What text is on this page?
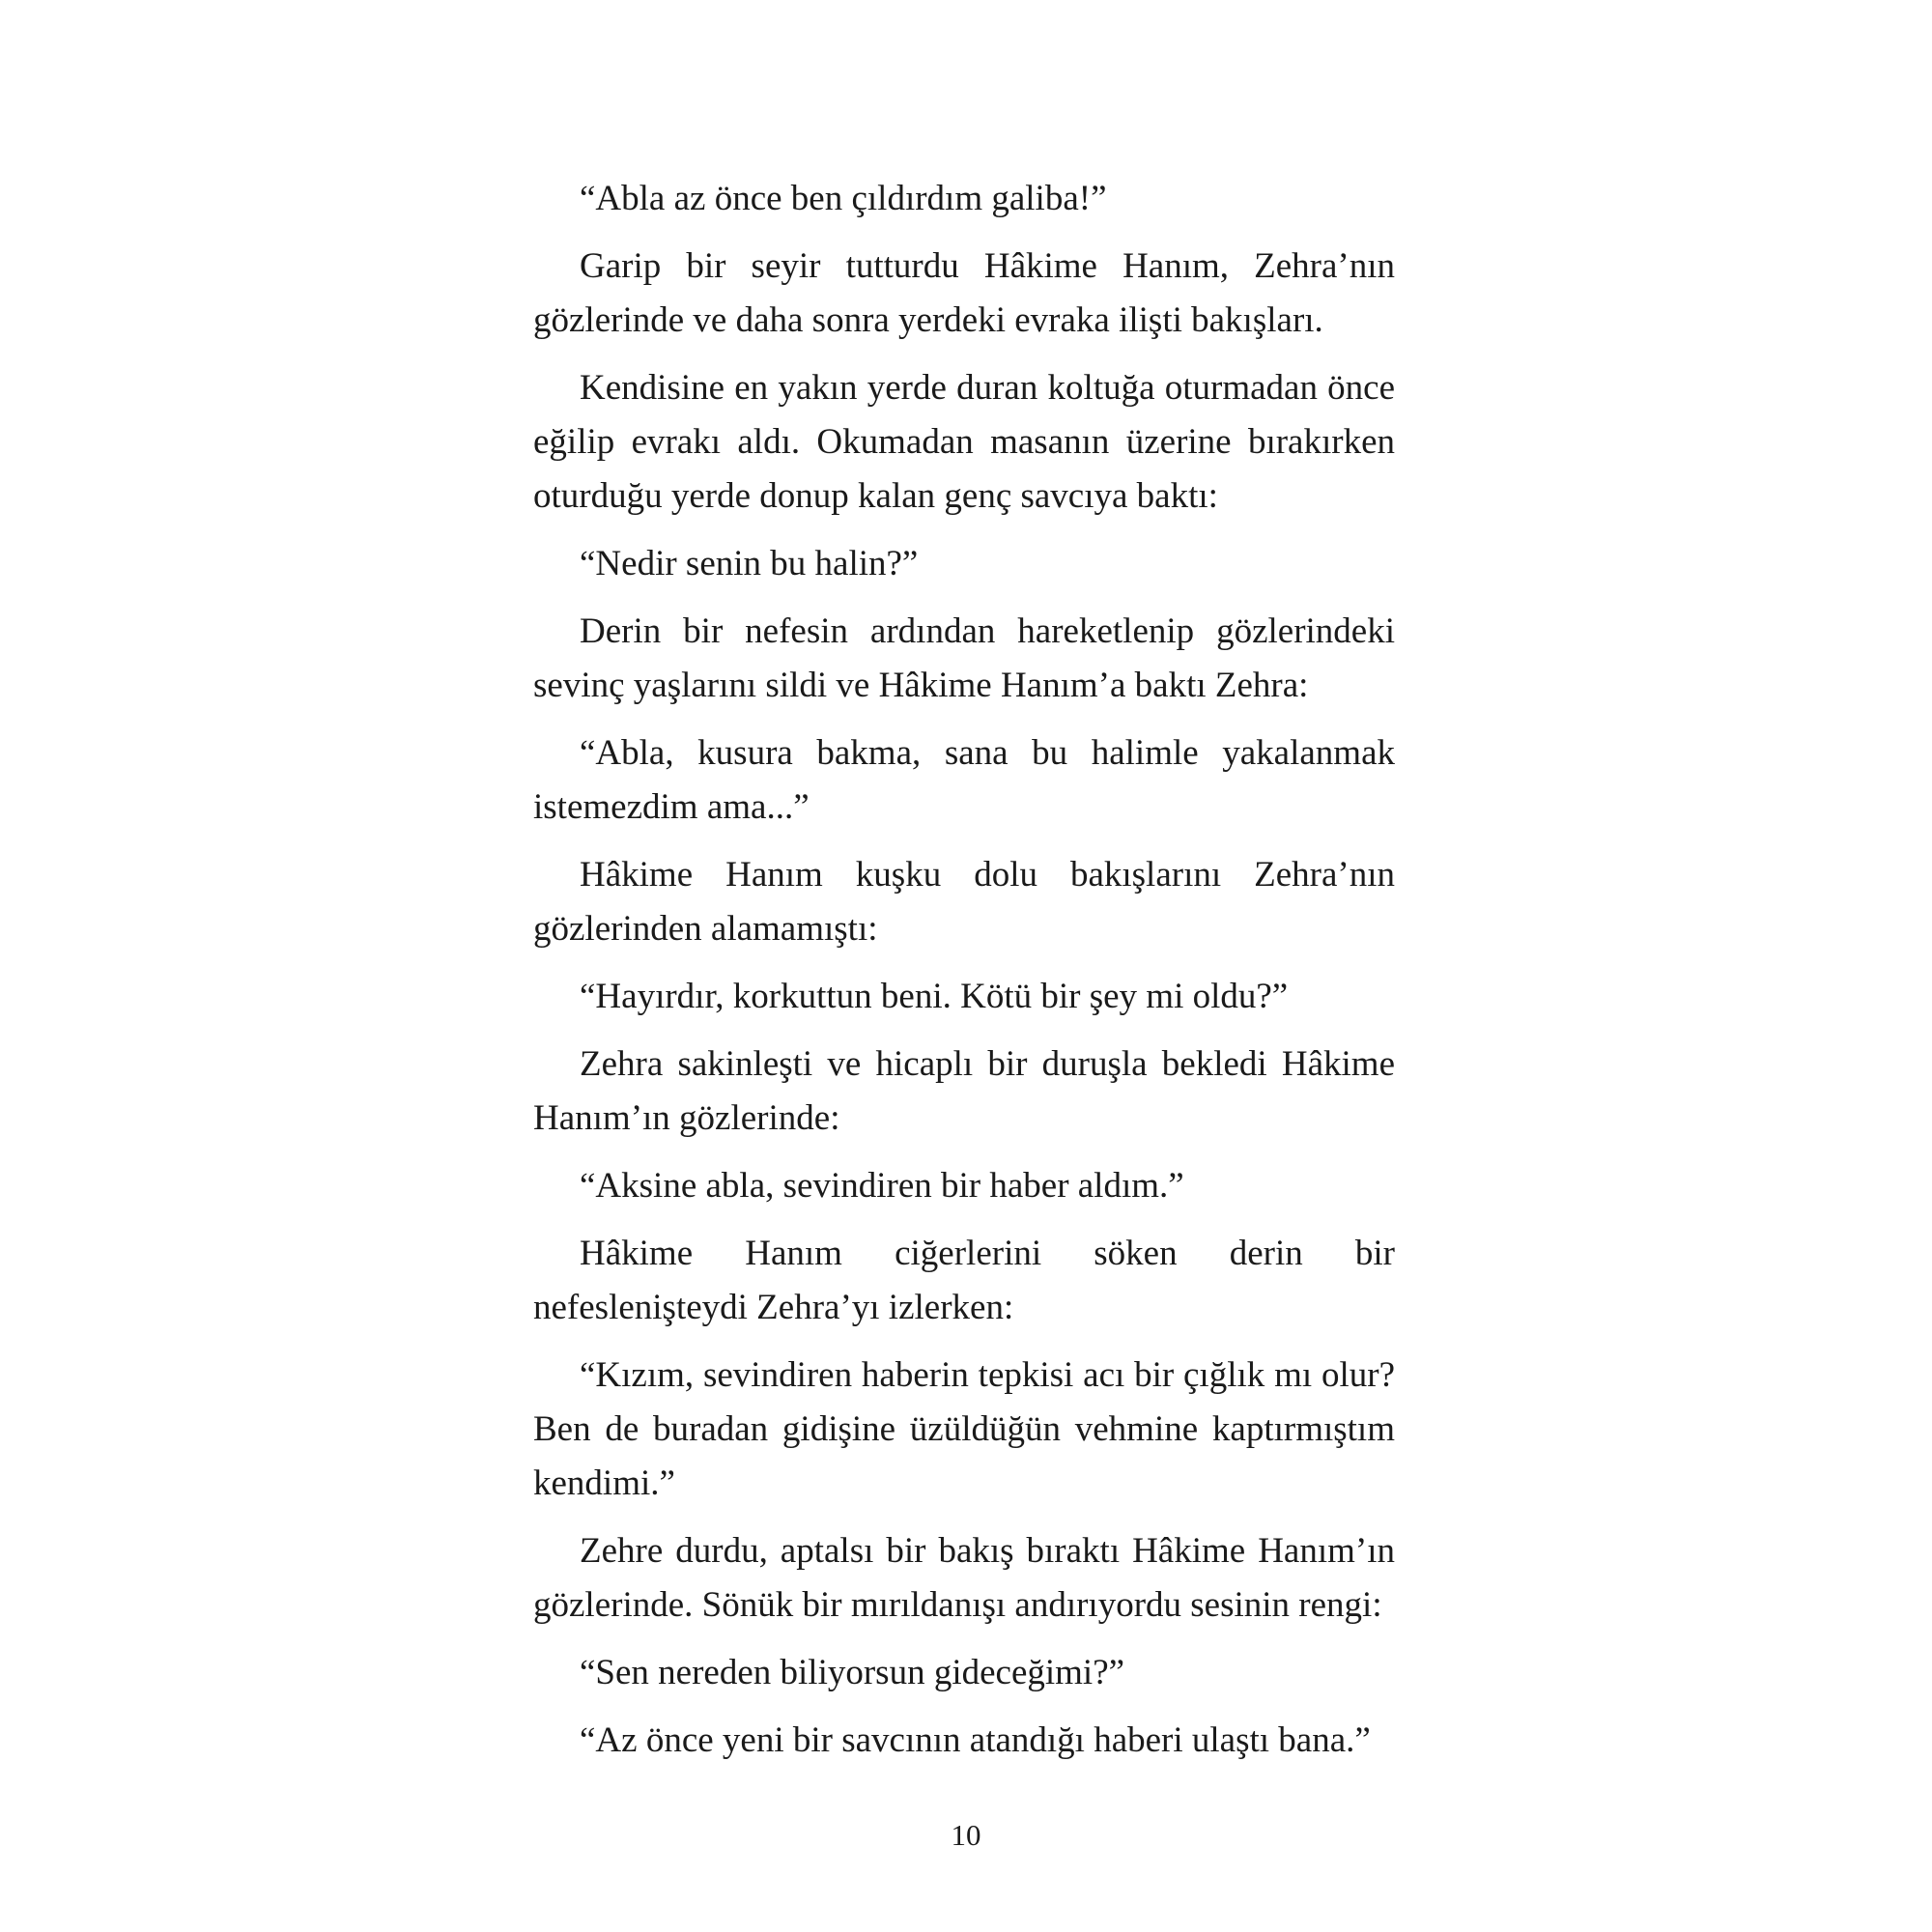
“Abla az önce ben çıldırdım galiba!”

Garip bir seyir tutturdu Hâkime Hanım, Zehra’nın gözlerinde ve daha sonra yerdeki evraka ilişti bakışları.

Kendisine en yakın yerde duran koltuğa oturmadan önce eğilip evrakı aldı. Okumadan masanın üzerine bırakırken oturduğu yerde donup kalan genç savcıya baktı:

“Nedir senin bu halin?”

Derin bir nefesin ardından hareketlenip gözlerindeki sevinç yaşlarını sildi ve Hâkime Hanım’a baktı Zehra:

“Abla, kusura bakma, sana bu halimle yakalanmak istemezdim ama...”

Hâkime Hanım kuşku dolu bakışlarını Zehra’nın gözlerinden alamamıştı:

“Hayırdır, korkuttun beni. Kötü bir şey mi oldu?”

Zehra sakinleşti ve hicaplı bir duruşla bekledi Hâkime Hanım’ın gözlerinde:

“Aksine abla, sevindiren bir haber aldım.”

Hâkime Hanım ciğerlerini söken derin bir nefeslenişteydi Zehra’yı izlerken:

“Kızım, sevindiren haberin tepkisi acı bir çığlık mı olur? Ben de buradan gidişine üzüldüğün vehmine kaptırmıştım kendimi.”

Zehre durdu, aptalsı bir bakış bıraktı Hâkime Hanım’ın gözlerinde. Sönük bir mırıldanışı andırıyordu sesinin rengi:

“Sen nereden biliyorsun gideceğimi?”

“Az önce yeni bir savcının atandığı haberi ulaştı bana.”

10
